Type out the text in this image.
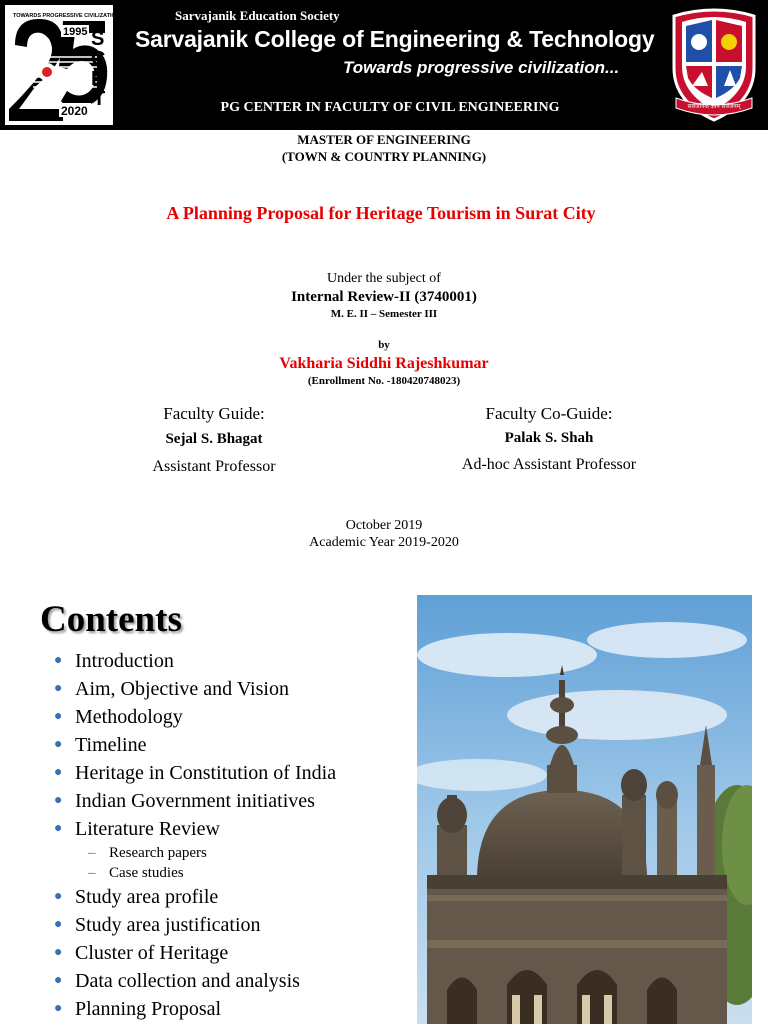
TOWARDS PROGRESSIVE CIVILIZATION
1995
2020
S
C
E
T
Sarvajanik Education Society
Sarvajanik College of Engineering & Technology
Towards progressive civilization...
PG CENTER IN FACULTY OF CIVIL ENGINEERING	सर्वजनिक ज्ञान सर्वजनम्
MASTER OF ENGINEERING
(TOWN & COUNTRY PLANNING)
A Planning Proposal for Heritage Tourism in Surat City
Under the subject of
Internal Review-II (3740001)
M. E. II – Semester III
by
Vakharia Siddhi Rajeshkumar
(Enrollment No. -180420748023)
Faculty Guide:
Sejal S. Bhagat
Assistant Professor
Faculty Co-Guide:
Palak S. Shah
Ad-hoc Assistant Professor
October 2019
Academic Year 2019-2020
Contents
● Introduction
● Aim, Objective and Vision
● Methodology
● Timeline
● Heritage in Constitution of India
● Indian Government initiatives
● Literature Review
– Research papers
– Case studies
● Study area profile
● Study area justification
● Cluster of Heritage
● Data collection and analysis
● Planning Proposal
